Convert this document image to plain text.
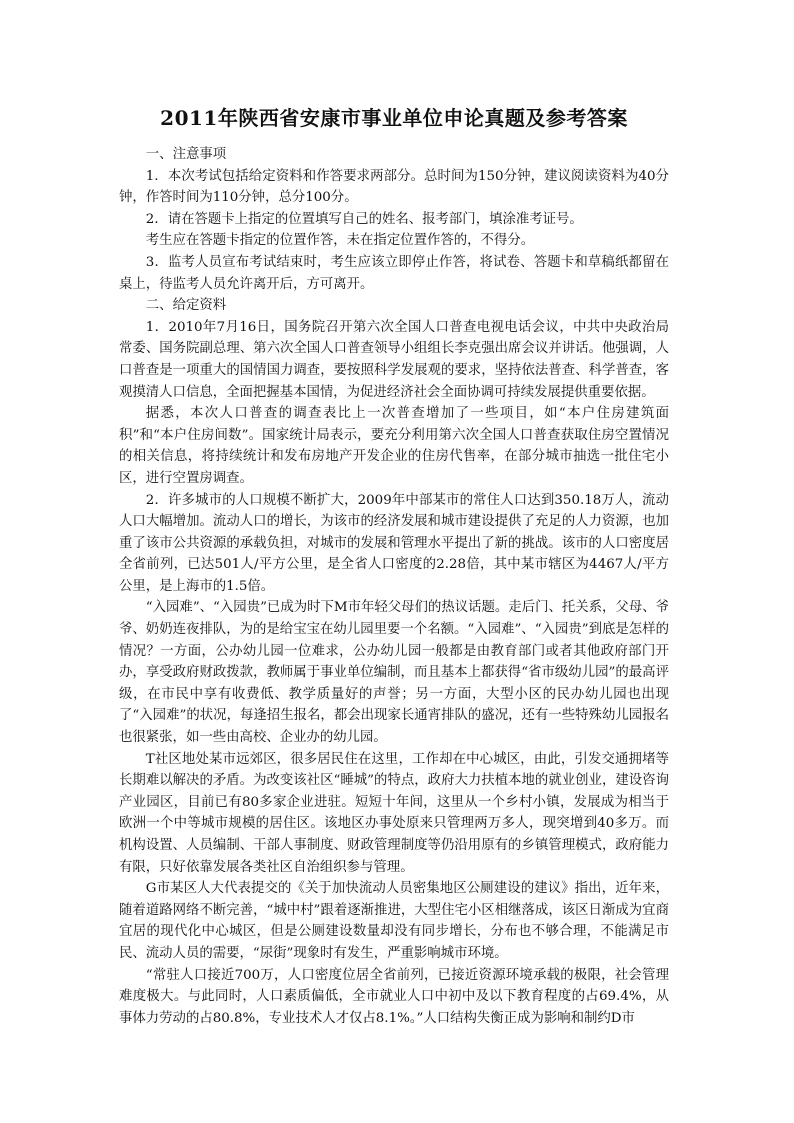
2011年陕西省安康市事业单位申论真题及参考答案

一、注意事项

1．本次考试包括给定资料和作答要求两部分。总时间为150分钟，建议阅读资料为40分钟，作答时间为110分钟，总分100分。

2．请在答题卡上指定的位置填写自己的姓名、报考部门，填涂准考证号。

考生应在答题卡指定的位置作答，未在指定位置作答的，不得分。

3．监考人员宣布考试结束时，考生应该立即停止作答，将试卷、答题卡和草稿纸都留在桌上，待监考人员允许离开后，方可离开。

二、给定资料

1．2010年7月16日，国务院召开第六次全国人口普查电视电话会议，中共中央政治局常委、国务院副总理、第六次全国人口普查领导小组组长李克强出席会议并讲话。他强调，人口普查是一项重大的国情国力调查，要按照科学发展观的要求，坚持依法普查、科学普查，客观摸清人口信息，全面把握基本国情，为促进经济社会全面协调可持续发展提供重要依据。

据悉，本次人口普查的调查表比上一次普查增加了一些项目，如“本户住房建筑面积”和“本户住房间数”。国家统计局表示，要充分利用第六次全国人口普查获取住房空置情况的相关信息，将持续统计和发布房地产开发企业的住房代售率，在部分城市抽选一批住宅小区，进行空置房调查。

2．许多城市的人口规模不断扩大，2009年中部某市的常住人口达到350.18万人，流动人口大幅增加。流动人口的增长，为该市的经济发展和城市建设提供了充足的人力资源，也加重了该市公共资源的承载负担，对城市的发展和管理水平提出了新的挑战。该市的人口密度居全省前列，已达501人/平方公里，是全省人口密度的2.28倍，其中某市辖区为4467人/平方公里，是上海市的1.5倍。

“入园难”、“入园贵”已成为时下M市年轻父母们的热议话题。走后门、托关系，父母、爷爷、奶奶连夜排队，为的是给宝宝在幼儿园里要一个名额。“入园难”、“入园贵”到底是怎样的情况？一方面，公办幼儿园一位难求，公办幼儿园一般都是由教育部门或者其他政府部门开办，享受政府财政拨款，教师属于事业单位编制，而且基本上都获得“省市级幼儿园”的最高评级，在市民中享有收费低、教学质量好的声誉；另一方面，大型小区的民办幼儿园也出现了“入园难”的状况，每逢招生报名，都会出现家长通宵排队的盛况，还有一些特殊幼儿园报名也很紧张，如一些由高校、企业办的幼儿园。

T社区地处某市远郊区，很多居民住在这里，工作却在中心城区，由此，引发交通拥堵等长期难以解决的矛盾。为改变该社区“睡城”的特点，政府大力扶植本地的就业创业，建设咨询产业园区，目前已有80多家企业进驻。短短十年间，这里从一个乡村小镇，发展成为相当于欧洲一个中等城市规模的居住区。该地区办事处原来只管理两万多人，现突增到40多万。而机构设置、人员编制、干部人事制度、财政管理制度等仍沿用原有的乡镇管理模式，政府能力有限，只好依靠发展各类社区自治组织参与管理。

G市某区人大代表提交的《关于加快流动人员密集地区公厕建设的建议》指出，近年来，随着道路网络不断完善，“城中村”跟着逐渐推进，大型住宅小区相继落成，该区日渐成为宜商宜居的现代化中心城区，但是公厕建设数量却没有同步增长，分布也不够合理，不能满足市民、流动人员的需要，“尿街”现象时有发生，严重影响城市环境。

“常驻人口接近700万，人口密度位居全省前列，已接近资源环境承载的极限，社会管理难度极大。与此同时，人口素质偏低，全市就业人口中初中及以下教育程度的占69.4%，从事体力劳动的占80.8%，专业技术人才仅占8.1%。”人口结构失衡正成为影响和制约D市
